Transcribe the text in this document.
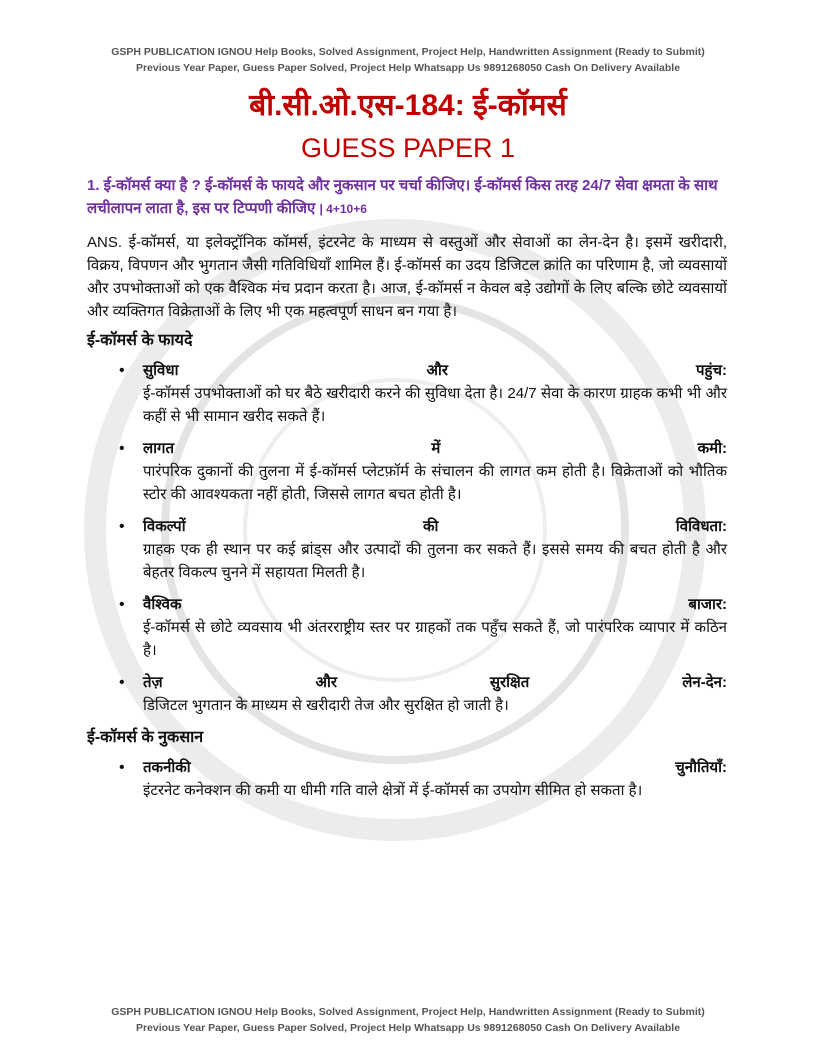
GSPH PUBLICATION IGNOU Help Books, Solved Assignment, Project Help, Handwritten Assignment (Ready to Submit)
Previous Year Paper, Guess Paper Solved, Project Help Whatsapp Us 9891268050 Cash On Delivery Available
बी.सी.ओ.एस-184: ई-कॉमर्स
GUESS PAPER 1

1. ई-कॉमर्स क्या है ? ई-कॉमर्स के फायदे और नुकसान पर चर्चा कीजिए। ई-कॉमर्स किस तरह 24/7 सेवा क्षमता के साथ लचीलापन लाता है, इस पर टिप्पणी कीजिए | 4+10+6

ANS. ई-कॉमर्स, या इलेक्ट्रॉनिक कॉमर्स, इंटरनेट के माध्यम से वस्तुओं और सेवाओं का लेन-देन है। इसमें खरीदारी, विक्रय, विपणन और भुगतान जैसी गतिविधियाँ शामिल हैं। ई-कॉमर्स का उदय डिजिटल क्रांति का परिणाम है, जो व्यवसायों और उपभोक्ताओं को एक वैश्विक मंच प्रदान करता है। आज, ई-कॉमर्स न केवल बड़े उद्योगों के लिए बल्कि छोटे व्यवसायों और व्यक्तिगत विक्रेताओं के लिए भी एक महत्वपूर्ण साधन बन गया है।

ई-कॉमर्स के फायदे
• सुविधा	और	पहुंच:
ई-कॉमर्स उपभोक्ताओं को घर बैठे खरीदारी करने की सुविधा देता है। 24/7 सेवा के कारण ग्राहक कभी भी और कहीं से भी सामान खरीद सकते हैं।
• लागत	में	कमी:
पारंपरिक दुकानों की तुलना में ई-कॉमर्स प्लेटफ़ॉर्म के संचालन की लागत कम होती है। विक्रेताओं को भौतिक स्टोर की आवश्यकता नहीं होती, जिससे लागत बचत होती है।
• विकल्पों	की	विविधता:
ग्राहक एक ही स्थान पर कई ब्रांड्स और उत्पादों की तुलना कर सकते हैं। इससे समय की बचत होती है और बेहतर विकल्प चुनने में सहायता मिलती है।
• वैश्विक	बाजार:
ई-कॉमर्स से छोटे व्यवसाय भी अंतरराष्ट्रीय स्तर पर ग्राहकों तक पहुँच सकते हैं, जो पारंपरिक व्यापार में कठिन है।
• तेज़	और	सुरक्षित	लेन-देन:
डिजिटल भुगतान के माध्यम से खरीदारी तेज और सुरक्षित हो जाती है।
ई-कॉमर्स के नुकसान
• तकनीकी	चुनौतियाँ:
इंटरनेट कनेक्शन की कमी या धीमी गति वाले क्षेत्रों में ई-कॉमर्स का उपयोग सीमित हो सकता है।
GSPH PUBLICATION IGNOU Help Books, Solved Assignment, Project Help, Handwritten Assignment (Ready to Submit)
Previous Year Paper, Guess Paper Solved, Project Help Whatsapp Us 9891268050 Cash On Delivery Available
